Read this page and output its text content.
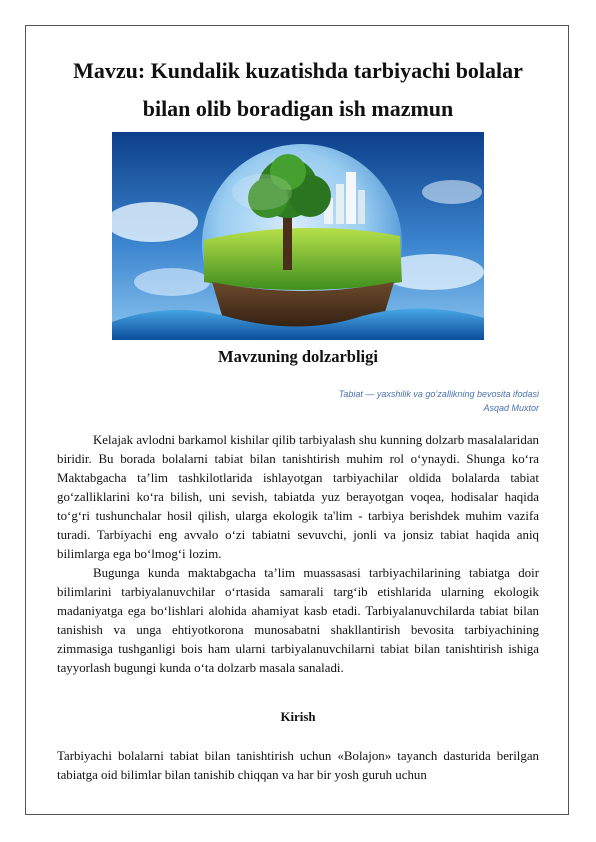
Mavzu: Kundalik kuzatishda tarbiyachi bolalar
bilan olib boradigan ish mazmun
Mavzuning dolzarbligi
Tabiat — yaxshilik va go’zallikning bevosita ifodasi
Asqad Muxtor

Kelajak avlodni barkamol kishilar qilib tarbiyalash shu kunning dolzarb masalalaridan biridir. Bu borada bolalarni tabiat bilan tanishtirish muhim rol o‘ynaydi. Shunga ko‘ra Maktabgacha ta’lim tashkilotlarida ishlayotgan tarbiyachilar oldida bolalarda tabiat go‘zalliklarini ko‘ra bilish, uni sevish, tabiatda yuz berayotgan voqea, hodisalar haqida to‘g‘ri tushunchalar hosil qilish, ularga ekologik ta'lim - tarbiya berishdek muhim vazifa turadi. Tarbiyachi eng avvalo o‘zi tabiatni sevuvchi, jonli va jonsiz tabiat haqida aniq bilimlarga ega bo‘lmog‘i lozim.

Bugunga kunda maktabgacha ta’lim muassasasi tarbiyachilarining tabiatga doir bilimlarini tarbiyalanuvchilar o‘rtasida samarali targ‘ib etishlarida ularning ekologik madaniyatga ega bo‘lishlari alohida ahamiyat kasb etadi. Tarbiyalanuvchilarda tabiat bilan tanishish va unga ehtiyotkorona munosabatni shakllantirish bevosita tarbiyachining zimmasiga tushganligi bois ham ularni tarbiyalanuvchilarni tabiat bilan tanishtirish ishiga tayyorlash bugungi kunda o‘ta dolzarb masala sanaladi.

Kirish

Tarbiyachi bolalarni tabiat bilan tanishtirish uchun «Bolajon» tayanch dasturida berilgan tabiatga oid bilimlar bilan tanishib chiqqan va har bir yosh guruh uchun
